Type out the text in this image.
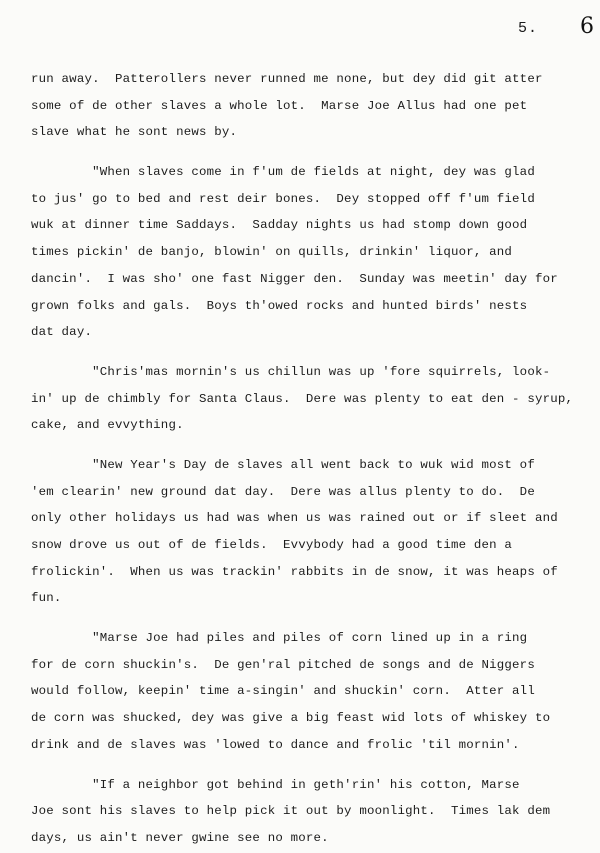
5. 6
run away.  Patterollers never runned me none, but dey did git atter
some of de other slaves a whole lot.  Marse Joe Allus had one pet
slave what he sont news by.
"When slaves come in f'um de fields at night, dey was glad
to jus' go to bed and rest deir bones.  Dey stopped off f'um field
wuk at dinner time Saddays.  Sadday nights us had stomp down good
times pickin' de banjo, blowin' on quills, drinkin' liquor, and
dancin'.  I was sho' one fast Nigger den.  Sunday was meetin' day for
grown folks and gals.  Boys th'owed rocks and hunted birds' nests
dat day.
"Chris'mas mornin's us chillun was up 'fore squirrels, look-
in' up de chimbly for Santa Claus.  Dere was plenty to eat den - syrup,
cake, and evvything.
"New Year's Day de slaves all went back to wuk wid most of
'em clearin' new ground dat day.  Dere was allus plenty to do.  De
only other holidays us had was when us was rained out or if sleet and
snow drove us out of de fields.  Evvybody had a good time den a
frolickin'.  When us was trackin' rabbits in de snow, it was heaps of
fun.
"Marse Joe had piles and piles of corn lined up in a ring
for de corn shuckin's.  De gen'ral pitched de songs and de Niggers
would follow, keepin' time a-singin' and shuckin' corn.  Atter all
de corn was shucked, dey was give a big feast wid lots of whiskey to
drink and de slaves was 'lowed to dance and frolic 'til mornin'.
"If a neighbor got behind in geth'rin' his cotton, Marse
Joe sont his slaves to help pick it out by moonlight.  Times lak dem
days, us ain't never gwine see no more.
